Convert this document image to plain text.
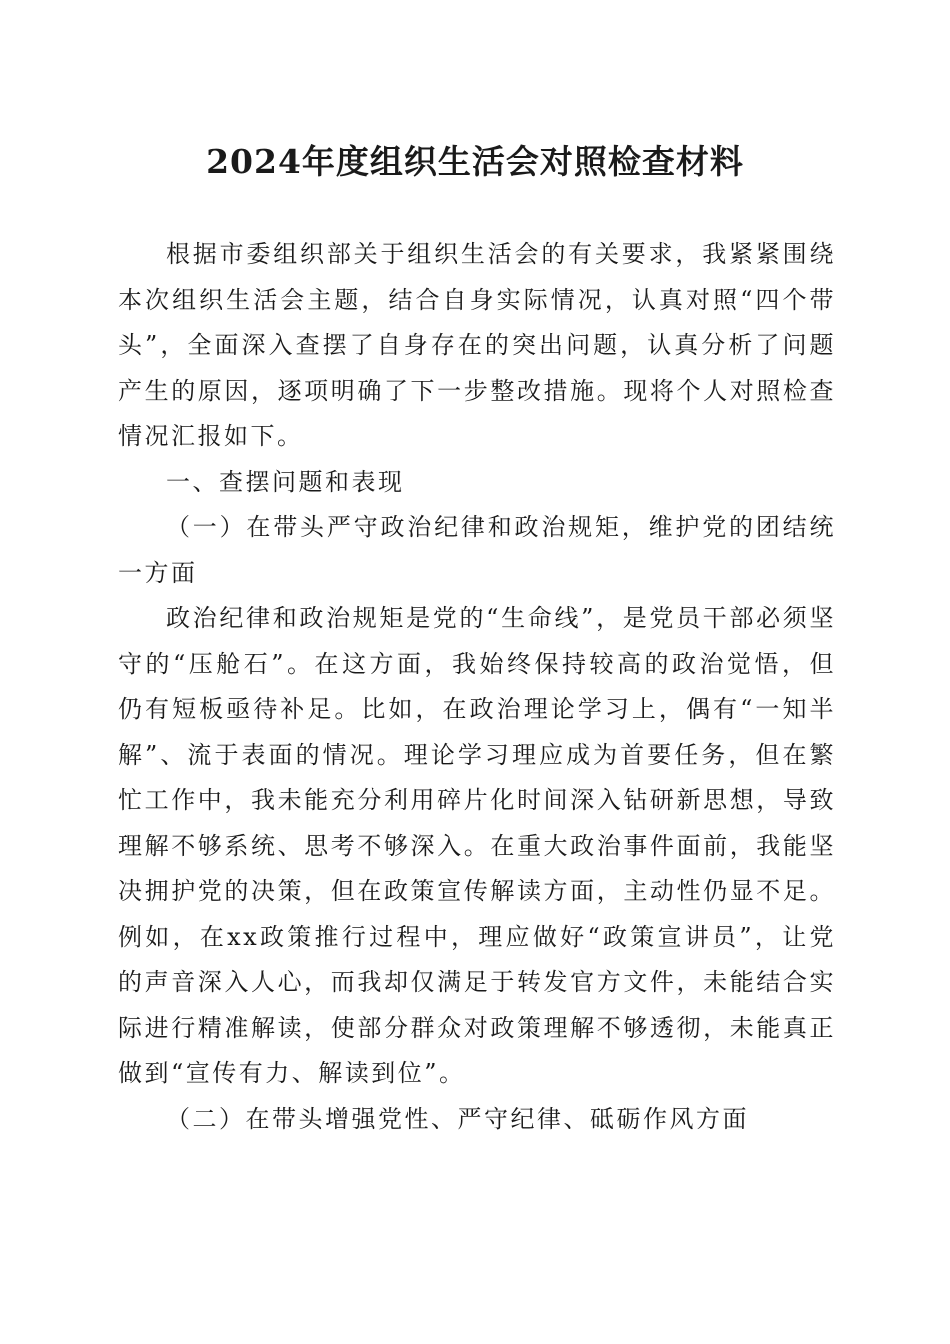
2024年度组织生活会对照检查材料

根据市委组织部关于组织生活会的有关要求，我紧紧围绕本次组织生活会主题，结合自身实际情况，认真对照“四个带头”，全面深入查摆了自身存在的突出问题，认真分析了问题产生的原因，逐项明确了下一步整改措施。现将个人对照检查情况汇报如下。

一、查摆问题和表现

（一）在带头严守政治纪律和政治规矩，维护党的团结统一方面

政治纪律和政治规矩是党的“生命线”，是党员干部必须坚守的“压舱石”。在这方面，我始终保持较高的政治觉悟，但仍有短板亟待补足。比如，在政治理论学习上，偶有“一知半解”、流于表面的情况。理论学习理应成为首要任务，但在繁忙工作中，我未能充分利用碎片化时间深入钻研新思想，导致理解不够系统、思考不够深入。在重大政治事件面前，我能坚决拥护党的决策，但在政策宣传解读方面，主动性仍显不足。例如，在xx政策推行过程中，理应做好“政策宣讲员”，让党的声音深入人心，而我却仅满足于转发官方文件，未能结合实际进行精准解读，使部分群众对政策理解不够透彻，未能真正做到“宣传有力、解读到位”。

（二）在带头增强党性、严守纪律、砥砺作风方面
